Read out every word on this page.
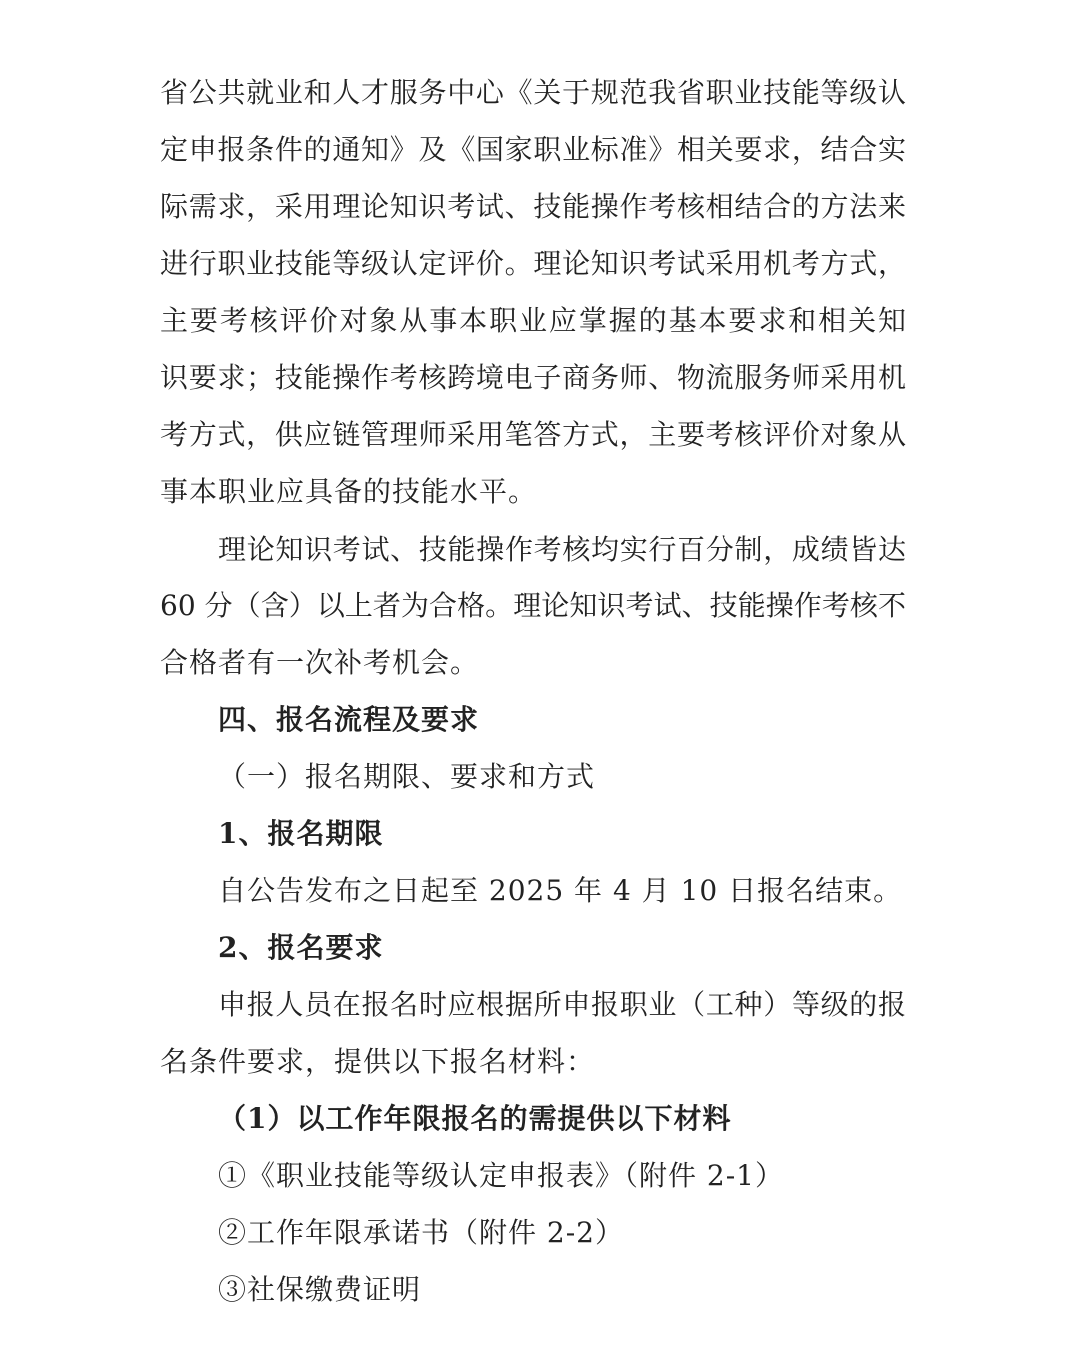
省公共就业和人才服务中心《关于规范我省职业技能等级认
定申报条件的通知》及《国家职业标准》相关要求，结合实
际需求，采用理论知识考试、技能操作考核相结合的方法来
进行职业技能等级认定评价。理论知识考试采用机考方式，
主要考核评价对象从事本职业应掌握的基本要求和相关知
识要求；技能操作考核跨境电子商务师、物流服务师采用机
考方式，供应链管理师采用笔答方式，主要考核评价对象从
事本职业应具备的技能水平。
理论知识考试、技能操作考核均实行百分制，成绩皆达
60 分（含）以上者为合格。理论知识考试、技能操作考核不
合格者有一次补考机会。
四、报名流程及要求
（一）报名期限、要求和方式
1、报名期限
自公告发布之日起至 2025 年 4 月 10 日报名结束。
2、报名要求
申报人员在报名时应根据所申报职业（工种）等级的报
名条件要求，提供以下报名材料：
（1）以工作年限报名的需提供以下材料
①《职业技能等级认定申报表》（附件 2-1）
②工作年限承诺书（附件 2-2）
③社保缴费证明
